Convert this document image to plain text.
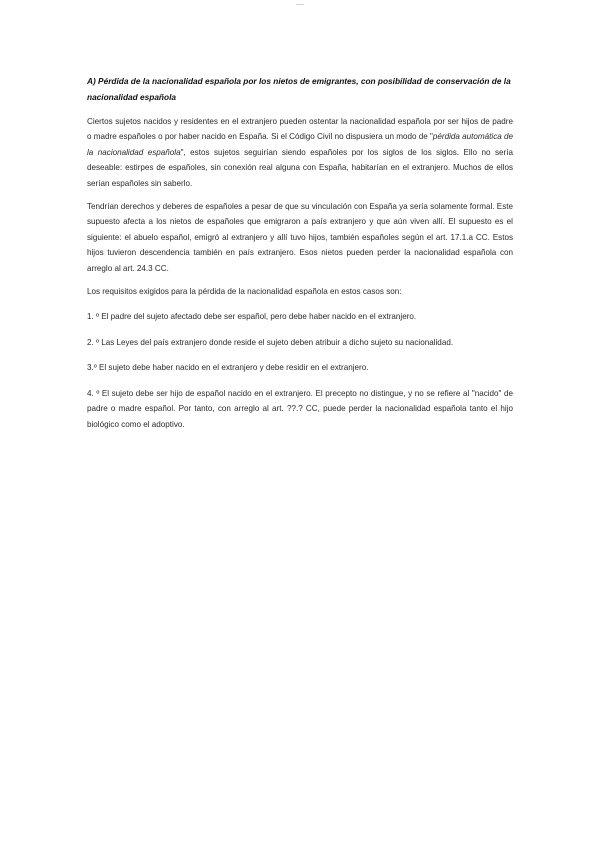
....

A) Pérdida de la nacionalidad española por los nietos de emigrantes, con posibilidad de conservación de la nacionalidad española

Ciertos sujetos nacidos y residentes en el extranjero pueden ostentar la nacionalidad española por ser hijos de padre o madre españoles o por haber nacido en España. Si el Código Civil no dispusiera un modo de "pérdida automática de la nacionalidad española", estos sujetos seguirían siendo españoles por los siglos de los siglos. Ello no sería deseable: estirpes de españoles, sin conexión real alguna con España, habitarían en el extranjero. Muchos de ellos serían españoles sin saberlo.

Tendrían derechos y deberes de españoles a pesar de que su vinculación con España ya sería solamente formal. Este supuesto afecta a los nietos de españoles que emigraron a país extranjero y que aún viven allí. El supuesto es el siguiente: el abuelo español, emigró al extranjero y allí tuvo hijos, también españoles según el art. 17.1.a CC. Estos hijos tuvieron descendencia también en país extranjero. Esos nietos pueden perder la nacionalidad española con arreglo al art. 24.3 CC.

Los requisitos exigidos para la pérdida de la nacionalidad española en estos casos son:

1. º El padre del sujeto afectado debe ser español, pero debe haber nacido en el extranjero.

2. º Las Leyes del país extranjero donde reside el sujeto deben atribuir a dicho sujeto su nacionalidad.

3.º El sujeto debe haber nacido en el extranjero y debe residir en el extranjero.

4. º El sujeto debe ser hijo de español nacido en el extranjero. El precepto no distingue, y no se refiere al "nacido" de padre o madre español. Por tanto, con arreglo al art. ??.? CC, puede perder la nacionalidad española tanto el hijo biológico como el adoptivo.
